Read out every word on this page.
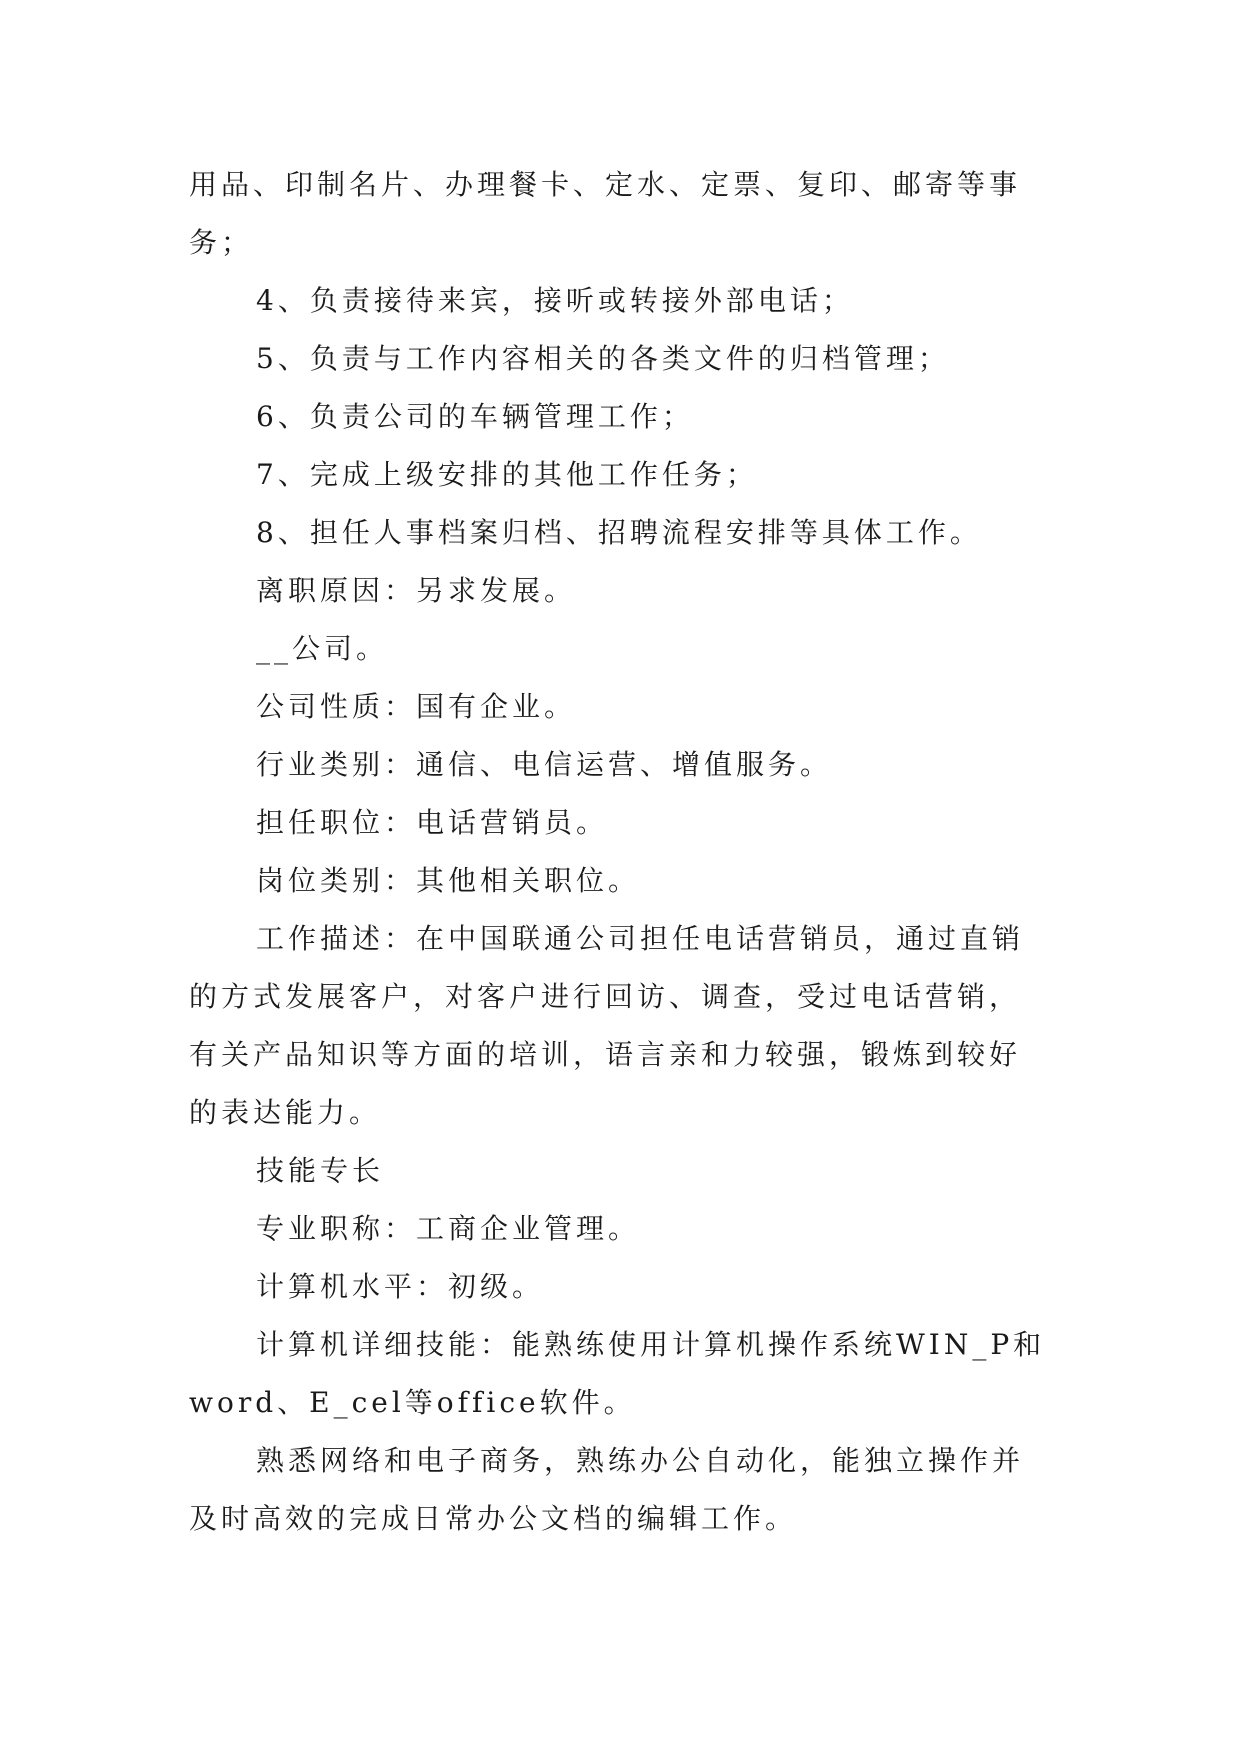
用品、印制名片、办理餐卡、定水、定票、复印、邮寄等事务；

4、负责接待来宾，接听或转接外部电话；

5、负责与工作内容相关的各类文件的归档管理；

6、负责公司的车辆管理工作；

7、完成上级安排的其他工作任务；

8、担任人事档案归档、招聘流程安排等具体工作。

离职原因：另求发展。

__公司。

公司性质：国有企业。

行业类别：通信、电信运营、增值服务。

担任职位：电话营销员。

岗位类别：其他相关职位。

工作描述：在中国联通公司担任电话营销员，通过直销的方式发展客户，对客户进行回访、调查，受过电话营销，有关产品知识等方面的培训，语言亲和力较强，锻炼到较好的表达能力。

技能专长

专业职称：工商企业管理。

计算机水平：初级。

计算机详细技能：能熟练使用计算机操作系统WIN_P和word、E_cel等office软件。

熟悉网络和电子商务，熟练办公自动化，能独立操作并及时高效的完成日常办公文档的编辑工作。
